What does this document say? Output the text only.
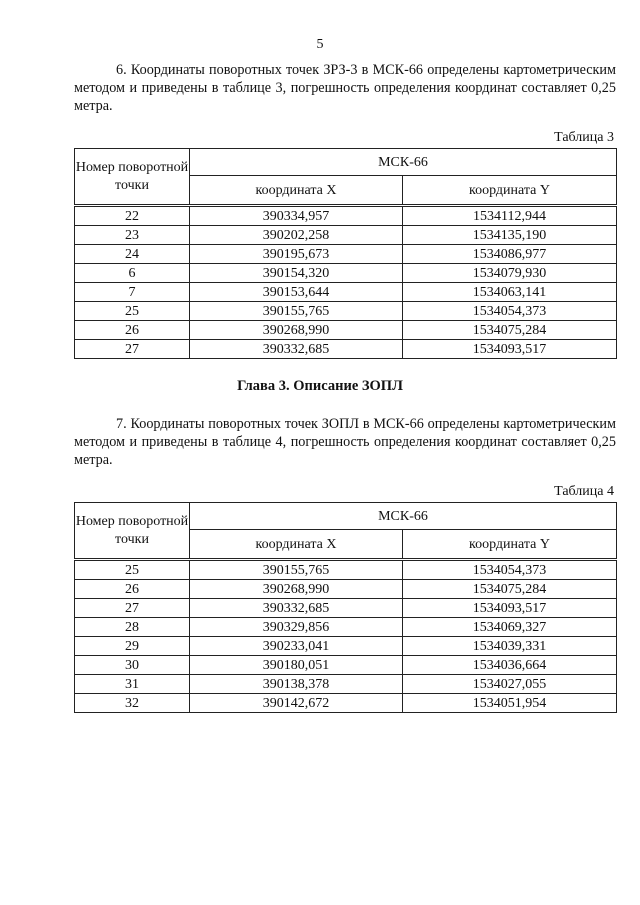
5

6. Координаты поворотных точек ЗРЗ-3 в МСК-66 определены картометрическим методом и приведены в таблице 3, погрешность определения координат составляет 0,25 метра.

Таблица 3
Номер поворотной точки	МСК-66	
	координата X	координата Y
22	390334,957	1534112,944
23	390202,258	1534135,190
24	390195,673	1534086,977
6	390154,320	1534079,930
7	390153,644	1534063,141
25	390155,765	1534054,373
26	390268,990	1534075,284
27	390332,685	1534093,517
Глава 3. Описание ЗОПЛ

7. Координаты поворотных точек ЗОПЛ в МСК-66 определены картометрическим методом и приведены в таблице 4, погрешность определения координат составляет 0,25 метра.

Таблица 4
Номер поворотной точки	МСК-66	
	координата X	координата Y
25	390155,765	1534054,373
26	390268,990	1534075,284
27	390332,685	1534093,517
28	390329,856	1534069,327
29	390233,041	1534039,331
30	390180,051	1534036,664
31	390138,378	1534027,055
32	390142,672	1534051,954
